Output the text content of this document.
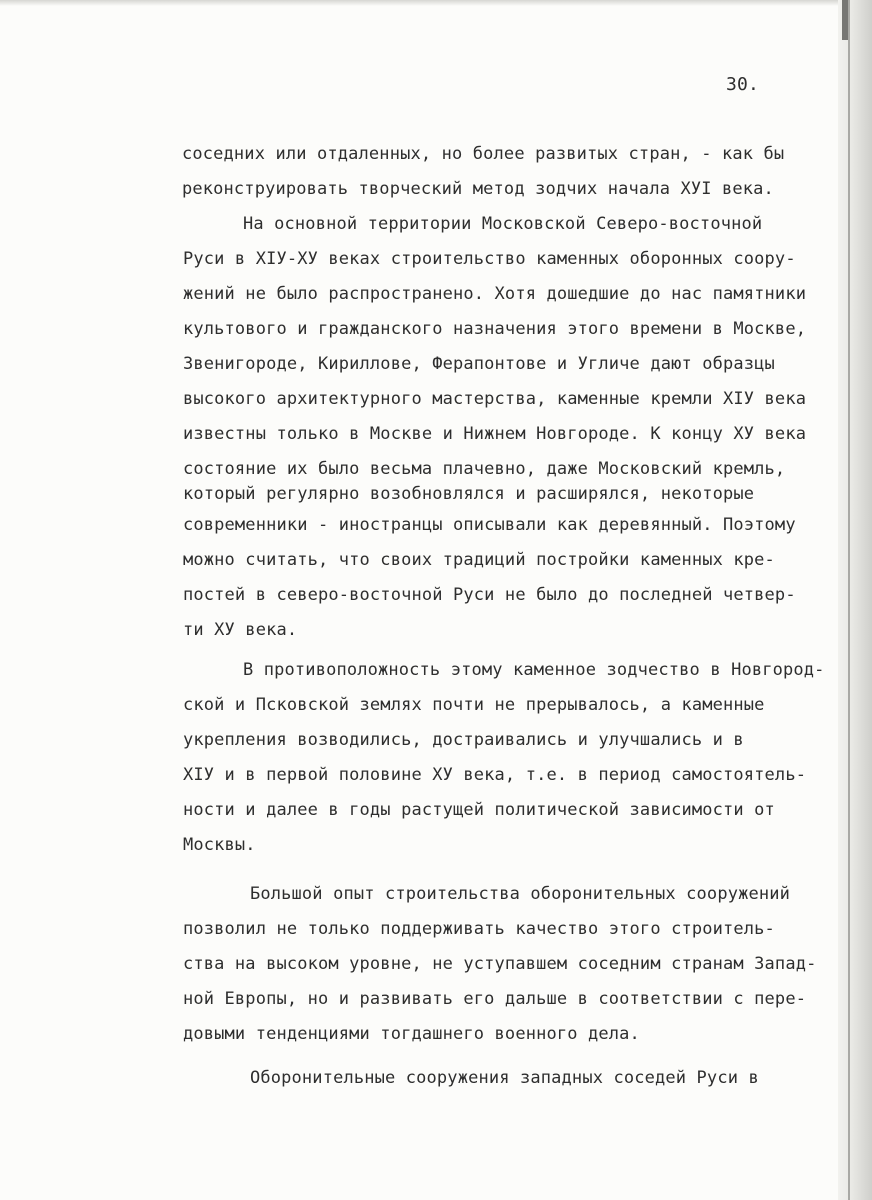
30.
соседних или отдаленных, но более развитых стран, - как бы
реконструировать творческий метод зодчих начала ХУI века.
На основной территории Московской Северо-восточной
Руси в XIУ-ХУ веках строительство каменных оборонных соору-
жений не было распространено. Хотя дошедшие до нас памятники
культового и гражданского назначения этого времени в Москве,
Звенигороде, Кириллове, Ферапонтове и Угличе дают образцы
высокого архитектурного мастерства, каменные кремли XIУ века
известны только в Москве и Нижнем Новгороде. К концу ХУ века
состояние их было весьма плачевно, даже Московский кремль,
который регулярно возобновлялся и расширялся, некоторые
современники - иностранцы описывали как деревянный. Поэтому
можно считать, что своих традиций постройки каменных кре-
постей в северо-восточной Руси не было до последней четвер-
ти ХУ века.
В противоположность этому каменное зодчество в Новгород-
ской и Псковской землях почти не прерывалось, а каменные
укрепления возводились, достраивались и улучшались и в
XIУ и в первой половине ХУ века, т.е. в период самостоятель-
ности и далее в годы растущей политической зависимости от
Москвы.
Большой опыт строительства оборонительных сооружений
позволил не только поддерживать качество этого строитель-
ства на высоком уровне, не уступавшем соседним странам Запад-
ной Европы, но и развивать его дальше в соответствии с пере-
довыми тенденциями тогдашнего военного дела.
Оборонительные сооружения западных соседей Руси в
